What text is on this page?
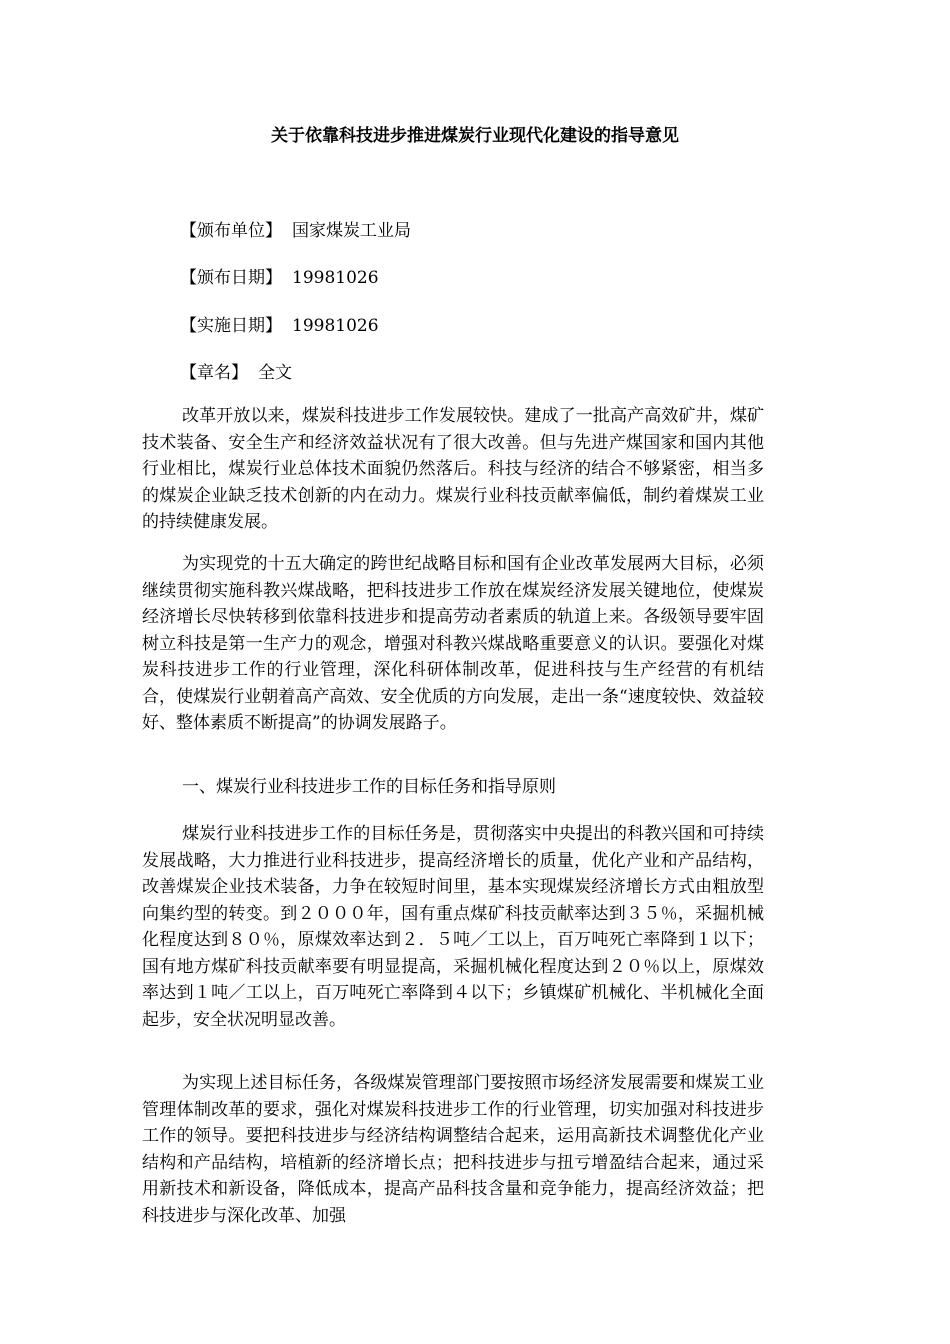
关于依靠科技进步推进煤炭行业现代化建设的指导意见
【颁布单位】 国家煤炭工业局
【颁布日期】 19981026
【实施日期】 19981026
【章名】 全文

改革开放以来，煤炭科技进步工作发展较快。建成了一批高产高效矿井，煤矿技术装备、安全生产和经济效益状况有了很大改善。但与先进产煤国家和国内其他行业相比，煤炭行业总体技术面貌仍然落后。科技与经济的结合不够紧密，相当多的煤炭企业缺乏技术创新的内在动力。煤炭行业科技贡献率偏低，制约着煤炭工业的持续健康发展。

为实现党的十五大确定的跨世纪战略目标和国有企业改革发展两大目标，必须继续贯彻实施科教兴煤战略，把科技进步工作放在煤炭经济发展关键地位，使煤炭经济增长尽快转移到依靠科技进步和提高劳动者素质的轨道上来。各级领导要牢固树立科技是第一生产力的观念，增强对科教兴煤战略重要意义的认识。要强化对煤炭科技进步工作的行业管理，深化科研体制改革，促进科技与生产经营的有机结合，使煤炭行业朝着高产高效、安全优质的方向发展，走出一条“速度较快、效益较好、整体素质不断提高”的协调发展路子。

一、煤炭行业科技进步工作的目标任务和指导原则

煤炭行业科技进步工作的目标任务是，贯彻落实中央提出的科教兴国和可持续发展战略，大力推进行业科技进步，提高经济增长的质量，优化产业和产品结构，改善煤炭企业技术装备，力争在较短时间里，基本实现煤炭经济增长方式由粗放型向集约型的转变。到２０００年，国有重点煤矿科技贡献率达到３５％，采掘机械化程度达到８０％，原煤效率达到２．５吨／工以上，百万吨死亡率降到１以下；国有地方煤矿科技贡献率要有明显提高，采掘机械化程度达到２０％以上，原煤效率达到１吨／工以上，百万吨死亡率降到４以下；乡镇煤矿机械化、半机械化全面起步，安全状况明显改善。

为实现上述目标任务，各级煤炭管理部门要按照市场经济发展需要和煤炭工业管理体制改革的要求，强化对煤炭科技进步工作的行业管理，切实加强对科技进步工作的领导。要把科技进步与经济结构调整结合起来，运用高新技术调整优化产业结构和产品结构，培植新的经济增长点；把科技进步与扭亏增盈结合起来，通过采用新技术和新设备，降低成本，提高产品科技含量和竞争能力，提高经济效益；把科技进步与深化改革、加强
